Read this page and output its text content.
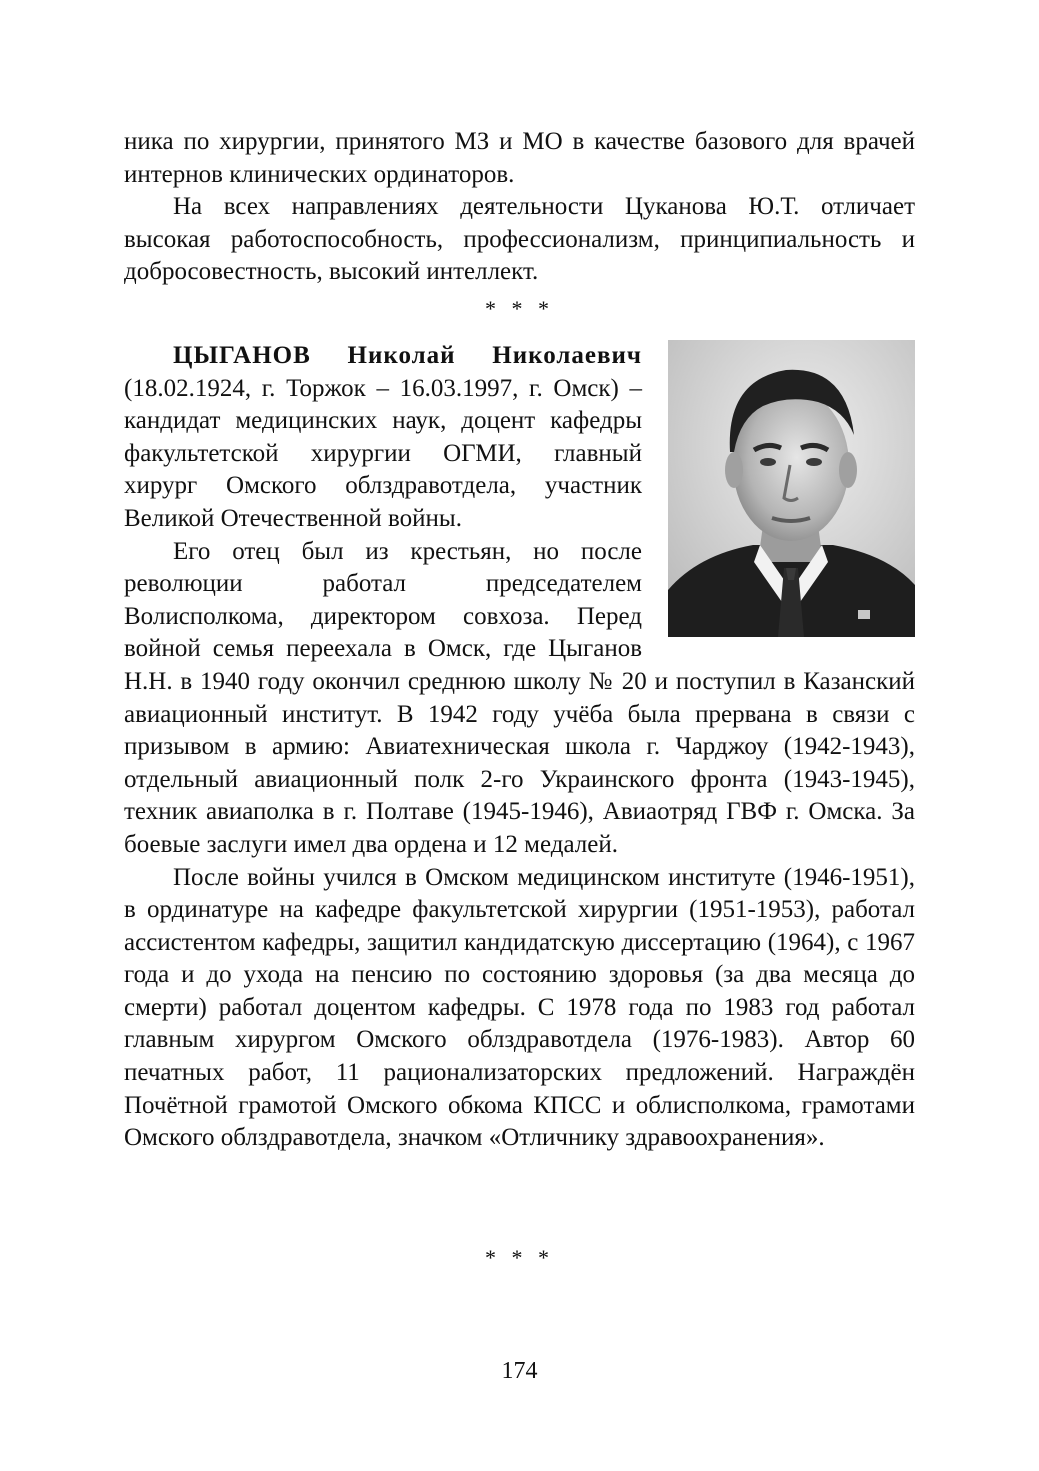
ника по хирургии, принятого МЗ и МО в качестве базового для врачей интернов клинических ординаторов.

На всех направлениях деятельности Цуканова Ю.Т. отличает высокая работоспособность, профессионализм, принципиальность и добросовестность, высокий интеллект.

* * *

ЦЫГАНОВ Николай Николаевич (18.02.1924, г. Торжок – 16.03.1997, г. Омск) – кандидат медицинских наук, доцент кафедры факультетской хирургии ОГМИ, главный хирург Омского облздравотдела, участник Великой Отечественной войны.

Его отец был из крестьян, но после революции работал председателем Волисполкома, директором совхоза. Перед войной семья переехала в Омск, где Цыганов Н.Н. в 1940 году окончил среднюю школу № 20 и поступил в Казанский авиационный институт. В 1942 году учёба была прервана в связи с призывом в армию: Авиатехническая школа г. Чарджоу (1942-1943), отдельный авиационный полк 2-го Украинского фронта (1943-1945), техник авиаполка в г. Полтаве (1945-1946), Авиаотряд ГВФ г. Омска. За боевые заслуги имел два ордена и 12 медалей.

После войны учился в Омском медицинском институте (1946-1951), в ординатуре на кафедре факультетской хирургии (1951-1953), работал ассистентом кафедры, защитил кандидатскую диссертацию (1964), с 1967 года и до ухода на пенсию по состоянию здоровья (за два месяца до смерти) работал доцентом кафедры. С 1978 года по 1983 год работал главным хирургом Омского облздравотдела (1976-1983). Автор 60 печатных работ, 11 рационализаторских предложений. Награждён Почётной грамотой Омского обкома КПСС и облисполкома, грамотами Омского облздравотдела, значком «Отличнику здравоохранения».

* * *
174
